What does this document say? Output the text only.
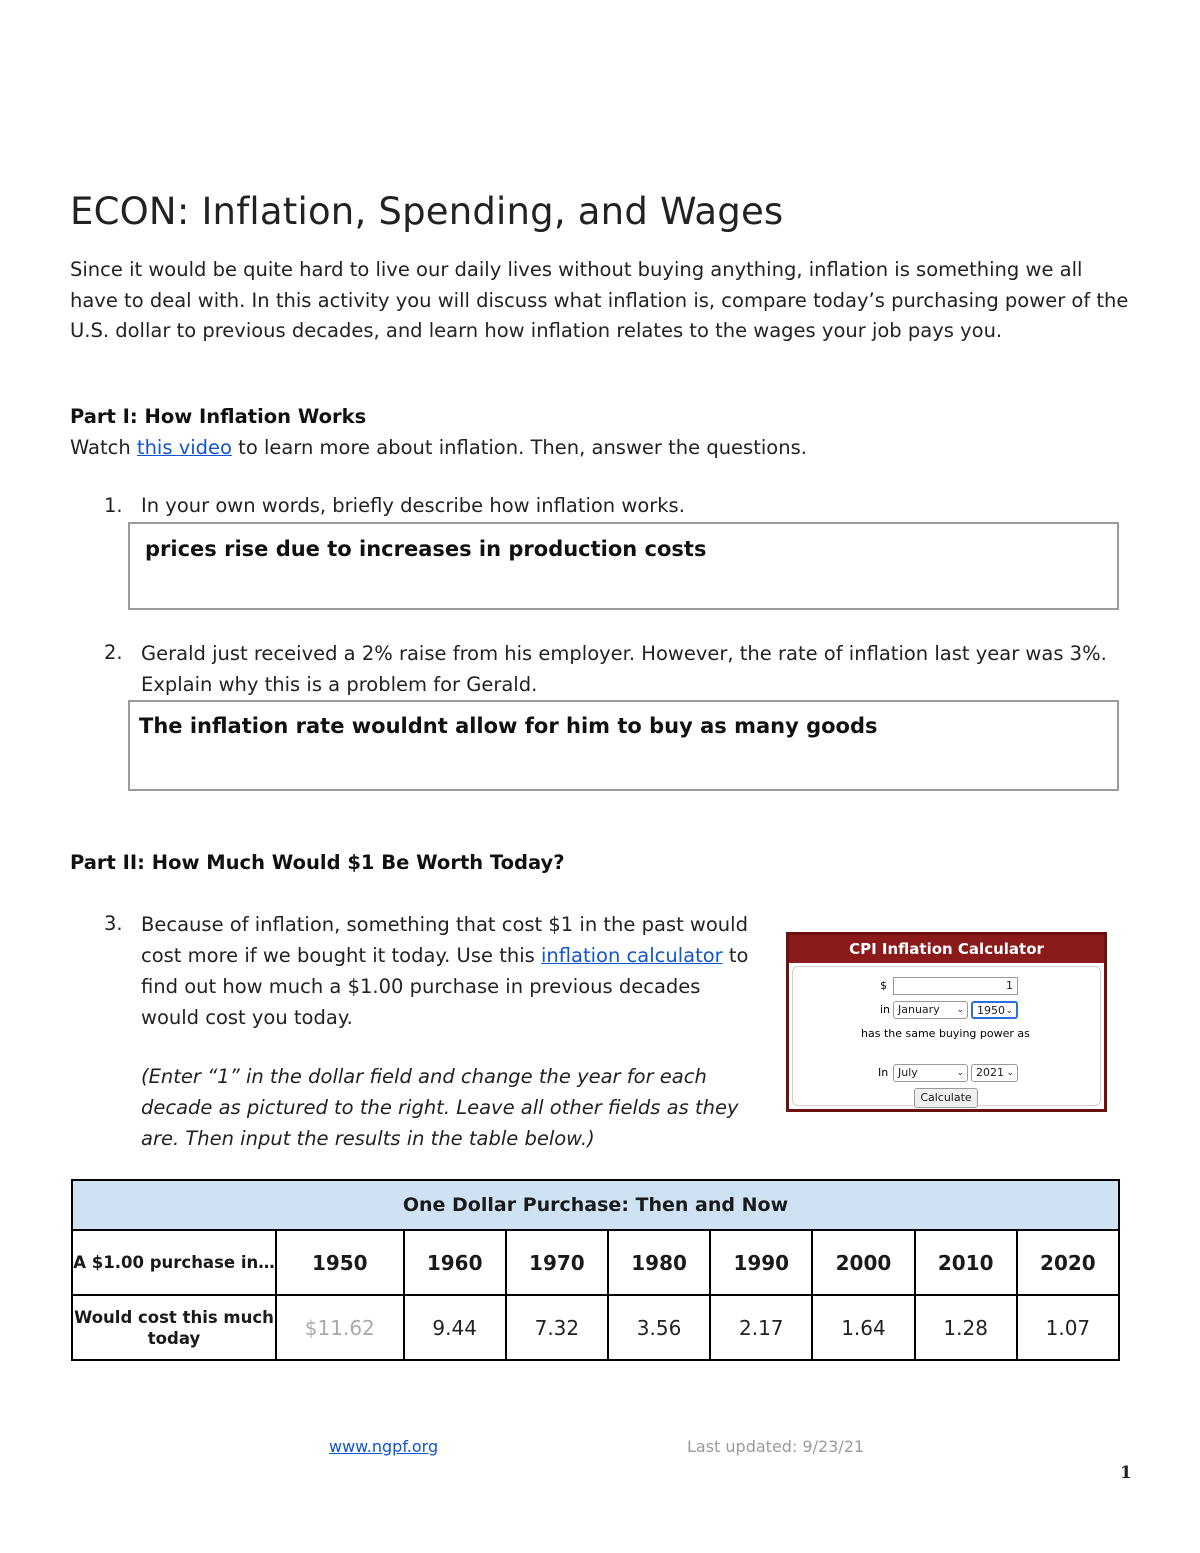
ECON: Inflation, Spending, and Wages
Since it would be quite hard to live our daily lives without buying anything, inflation is something we all have to deal with. In this activity you will discuss what inflation is, compare today’s purchasing power of the U.S. dollar to previous decades, and learn how inflation relates to the wages your job pays you.
Part I: How Inflation Works
Watch this video to learn more about inflation. Then, answer the questions.
1. In your own words, briefly describe how inflation works.
prices rise due to increases in production costs
2. Gerald just received a 2% raise from his employer. However, the rate of inflation last year was 3%. Explain why this is a problem for Gerald.
The inflation rate wouldnt allow for him to buy as many goods
Part II: How Much Would $1 Be Worth Today?
3. Because of inflation, something that cost $1 in the past would cost more if we bought it today. Use this inflation calculator to find out how much a $1.00 purchase in previous decades would cost you today.
(Enter “1” in the dollar field and change the year for each decade as pictured to the right. Leave all other fields as they are. Then input the results in the table below.)
CPI Inflation Calculator
$	1
in January ⌄	1950 ⌄
has the same buying power as
In July	⌄	2021 ⌄
Calculate
One Dollar Purchase: Then and Now								
A $1.00 purchase in…	1950	1960	1970	1980	1990	2000	2010	2020
Would cost this much today	$11.62	9.44	7.32	3.56	2.17	1.64	1.28	1.07
www.ngpf.org	Last updated: 9/23/21
1
